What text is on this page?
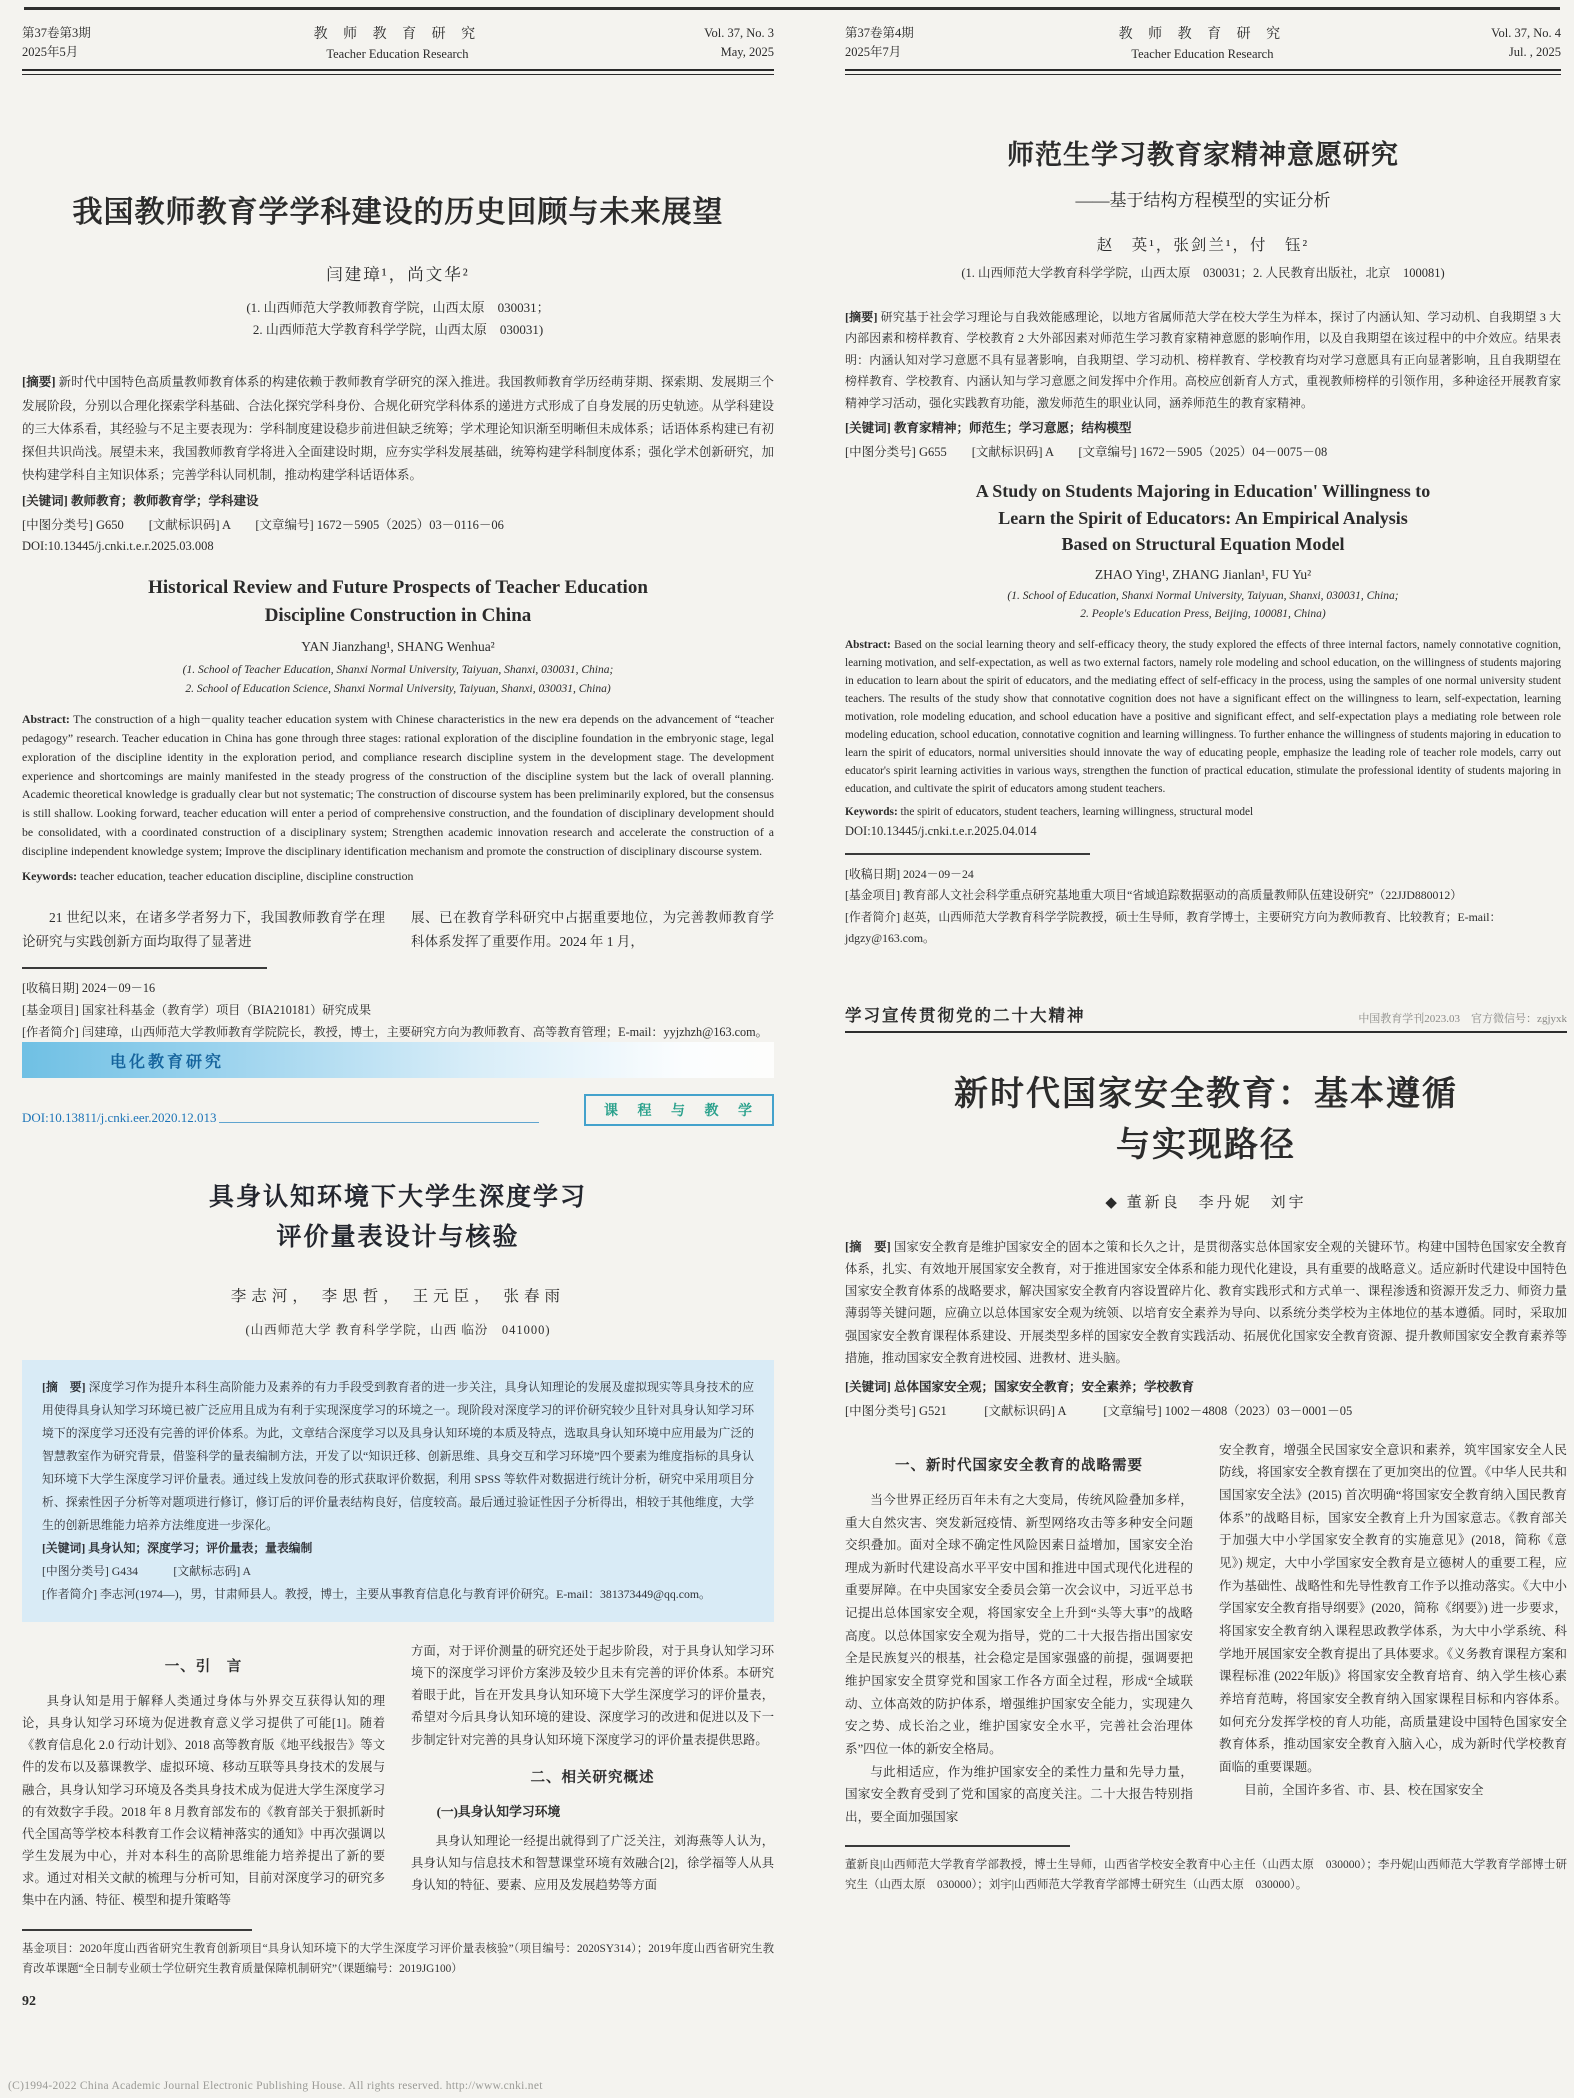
第37卷第3期
2025年5月
教 师 教 育 研 究
Teacher Education Research
Vol. 37, No. 3
May, 2025
我国教师教育学学科建设的历史回顾与未来展望
闫建璋¹，尚文华²
(1. 山西师范大学教师教育学院，山西太原　030031；
2. 山西师范大学教育科学学院，山西太原　030031)
[摘要] 新时代中国特色高质量教师教育体系的构建依赖于教师教育学研究的深入推进。我国教师教育学历经萌芽期、探索期、发展期三个发展阶段，分别以合理化探索学科基础、合法化探究学科身份、合规化研究学科体系的递进方式形成了自身发展的历史轨迹。从学科建设的三大体系看，其经验与不足主要表现为：学科制度建设稳步前进但缺乏统筹；学术理论知识渐至明晰但未成体系；话语体系构建已有初探但共识尚浅。展望未来，我国教师教育学将进入全面建设时期，应夯实学科发展基础，统筹构建学科制度体系；强化学术创新研究，加快构建学科自主知识体系；完善学科认同机制，推动构建学科话语体系。
[关键词] 教师教育；教师教育学；学科建设
[中图分类号] G650　　[文献标识码] A　　[文章编号] 1672－5905（2025）03－0116－06
DOI:10.13445/j.cnki.t.e.r.2025.03.008
Historical Review and Future Prospects of Teacher Education
Discipline Construction in China
YAN Jianzhang¹, SHANG Wenhua²
(1. School of Teacher Education, Shanxi Normal University, Taiyuan, Shanxi, 030031, China;
2. School of Education Science, Shanxi Normal University, Taiyuan, Shanxi, 030031, China)
Abstract: The construction of a high－quality teacher education system with Chinese characteristics in the new era depends on the advancement of “teacher pedagogy” research. Teacher education in China has gone through three stages: rational exploration of the discipline foundation in the embryonic stage, legal exploration of the discipline identity in the exploration period, and compliance research discipline system in the development stage. The development experience and shortcomings are mainly manifested in the steady progress of the construction of the discipline system but the lack of overall planning. Academic theoretical knowledge is gradually clear but not systematic; The construction of discourse system has been preliminarily explored, but the consensus is still shallow. Looking forward, teacher education will enter a period of comprehensive construction, and the foundation of disciplinary development should be consolidated, with a coordinated construction of a disciplinary system; Strengthen academic innovation research and accelerate the construction of a discipline independent knowledge system; Improve the disciplinary identification mechanism and promote the construction of disciplinary discourse system.
Keywords: teacher education, teacher education discipline, discipline construction
21 世纪以来，在诸多学者努力下，我国教师教育学在理论研究与实践创新方面均取得了显著进
展、已在教育学科研究中占据重要地位，为完善教师教育学科体系发挥了重要作用。2024 年 1 月，
[收稿日期] 2024－09－16
[基金项目] 国家社科基金（教育学）项目（BIA210181）研究成果
[作者简介] 闫建璋，山西师范大学教师教育学院院长，教授，博士，主要研究方向为教师教育、高等教育管理；E-mail：yyjzhzh@163.com。
第37卷第4期
2025年7月
教 师 教 育 研 究
Teacher Education Research
Vol. 37, No. 4
Jul. , 2025
师范生学习教育家精神意愿研究
——基于结构方程模型的实证分析
赵　英¹，张剑兰¹，付　钰²
(1. 山西师范大学教育科学学院，山西太原　030031；2. 人民教育出版社，北京　100081)
[摘要] 研究基于社会学习理论与自我效能感理论，以地方省属师范大学在校大学生为样本，探讨了内涵认知、学习动机、自我期望 3 大内部因素和榜样教育、学校教育 2 大外部因素对师范生学习教育家精神意愿的影响作用，以及自我期望在该过程中的中介效应。结果表明：内涵认知对学习意愿不具有显著影响，自我期望、学习动机、榜样教育、学校教育均对学习意愿具有正向显著影响，且自我期望在榜样教育、学校教育、内涵认知与学习意愿之间发挥中介作用。高校应创新育人方式，重视教师榜样的引领作用，多种途径开展教育家精神学习活动，强化实践教育功能，激发师范生的职业认同，涵养师范生的教育家精神。
[关键词] 教育家精神；师范生；学习意愿；结构模型
[中图分类号] G655　　[文献标识码] A　　[文章编号] 1672－5905（2025）04－0075－08
A Study on Students Majoring in Education' Willingness to
Learn the Spirit of Educators: An Empirical Analysis
Based on Structural Equation Model
ZHAO Ying¹, ZHANG Jianlan¹, FU Yu²
(1. School of Education, Shanxi Normal University, Taiyuan, Shanxi, 030031, China;
2. People's Education Press, Beijing, 100081, China)
Abstract: Based on the social learning theory and self-efficacy theory, the study explored the effects of three internal factors, namely connotative cognition, learning motivation, and self-expectation, as well as two external factors, namely role modeling and school education, on the willingness of students majoring in education to learn about the spirit of educators, and the mediating effect of self-efficacy in the process, using the samples of one normal university student teachers. The results of the study show that connotative cognition does not have a significant effect on the willingness to learn, self-expectation, learning motivation, role modeling education, and school education have a positive and significant effect, and self-expectation plays a mediating role between role modeling education, school education, connotative cognition and learning willingness. To further enhance the willingness of students majoring in education to learn the spirit of educators, normal universities should innovate the way of educating people, emphasize the leading role of teacher role models, carry out educator's spirit learning activities in various ways, strengthen the function of practical education, stimulate the professional identity of students majoring in education, and cultivate the spirit of educators among student teachers.
Keywords: the spirit of educators, student teachers, learning willingness, structural model
DOI:10.13445/j.cnki.t.e.r.2025.04.014
[收稿日期] 2024－09－24
[基金项目] 教育部人文社会科学重点研究基地重大项目“省域追踪数据驱动的高质量教师队伍建设研究”（22JJD880012）
[作者简介] 赵英，山西师范大学教育科学学院教授，硕士生导师，教育学博士，主要研究方向为教师教育、比较教育；E-mail：jdgzy@163.com。
电化教育研究
DOI:10.13811/j.cnki.eer.2020.12.013	课 程 与 教 学
具身认知环境下大学生深度学习
评价量表设计与核验
李志河， 李思哲， 王元臣， 张春雨
(山西师范大学 教育科学学院，山西 临汾　041000)
[摘　要] 深度学习作为提升本科生高阶能力及素养的有力手段受到教育者的进一步关注，具身认知理论的发展及虚拟现实等具身技术的应用使得具身认知学习环境已被广泛应用且成为有利于实现深度学习的环境之一。现阶段对深度学习的评价研究较少且针对具身认知学习环境下的深度学习还没有完善的评价体系。为此，文章结合深度学习以及具身认知环境的本质及特点，选取具身认知环境中应用最为广泛的智慧教室作为研究背景，借鉴科学的量表编制方法，开发了以“知识迁移、创新思维、具身交互和学习环境”四个要素为维度指标的具身认知环境下大学生深度学习评价量表。通过线上发放问卷的形式获取评价数据，利用 SPSS 等软件对数据进行统计分析，研究中采用项目分析、探索性因子分析等对题项进行修订，修订后的评价量表结构良好，信度较高。最后通过验证性因子分析得出，相较于其他维度，大学生的创新思维能力培养方法维度进一步深化。
[关键词] 具身认知；深度学习；评价量表；量表编制
[中图分类号] G434　　　[文献标志码] A
[作者简介] 李志河(1974—)，男，甘肃师县人。教授，博士，主要从事教育信息化与教育评价研究。E-mail：381373449@qq.com。
一、引　言
具身认知是用于解释人类通过身体与外界交互获得认知的理论，具身认知学习环境为促进教育意义学习提供了可能[1]。随着《教育信息化 2.0 行动计划》、2018 高等教育版《地平线报告》等文件的发布以及慕课教学、虚拟环境、移动互联等具身技术的发展与融合，具身认知学习环境及各类具身技术成为促进大学生深度学习的有效数字手段。2018 年 8 月教育部发布的《教育部关于狠抓新时代全国高等学校本科教育工作会议精神落实的通知》中再次强调以学生发展为中心，并对本科生的高阶思维能力培养提出了新的要求。通过对相关文献的梳理与分析可知，目前对深度学习的研究多集中在内涵、特征、模型和提升策略等
方面，对于评价测量的研究还处于起步阶段，对于具身认知学习环境下的深度学习评价方案涉及较少且未有完善的评价体系。本研究着眼于此，旨在开发具身认知环境下大学生深度学习的评价量表，希望对今后具身认知环境的建设、深度学习的改进和促进以及下一步制定针对完善的具身认知环境下深度学习的评价量表提供思路。
二、相关研究概述
(一)具身认知学习环境
具身认知理论一经提出就得到了广泛关注，刘海燕等人认为，具身认知与信息技术和智慧课堂环境有效融合[2]，徐学福等人从具身认知的特征、要素、应用及发展趋势等方面
基金项目：2020年度山西省研究生教育创新项目“具身认知环境下的大学生深度学习评价量表核验”（项目编号：2020SY314）；2019年度山西省研究生教育改革课题“全日制专业硕士学位研究生教育质量保障机制研究”（课题编号：2019JG100）
92
学习宣传贯彻党的二十大精神	中国教育学刊2023.03　官方微信号：zgjyxk
新时代国家安全教育：基本遵循
与实现路径
◆ 董新良　李丹妮　刘宇
[摘　要] 国家安全教育是维护国家安全的固本之策和长久之计，是贯彻落实总体国家安全观的关键环节。构建中国特色国家安全教育体系，扎实、有效地开展国家安全教育，对于推进国家安全体系和能力现代化建设，具有重要的战略意义。适应新时代建设中国特色国家安全教育体系的战略要求，解决国家安全教育内容设置碎片化、教育实践形式和方式单一、课程渗透和资源开发乏力、师资力量薄弱等关键问题，应确立以总体国家安全观为统领、以培育安全素养为导向、以系统分类学校为主体地位的基本遵循。同时，采取加强国家安全教育课程体系建设、开展类型多样的国家安全教育实践活动、拓展优化国家安全教育资源、提升教师国家安全教育素养等措施，推动国家安全教育进校园、进教材、进头脑。
[关键词] 总体国家安全观；国家安全教育；安全素养；学校教育
[中图分类号] G521　　　[文献标识码] A　　　[文章编号] 1002－4808（2023）03－0001－05
一、新时代国家安全教育的战略需要
当今世界正经历百年未有之大变局，传统风险叠加多样，重大自然灾害、突发新冠疫情、新型网络攻击等多种安全问题交织叠加。面对全球不确定性风险因素日益增加，国家安全治理成为新时代建设高水平平安中国和推进中国式现代化进程的重要屏障。在中央国家安全委员会第一次会议中，习近平总书记提出总体国家安全观，将国家安全上升到“头等大事”的战略高度。以总体国家安全观为指导，党的二十大报告指出国家安全是民族复兴的根基，社会稳定是国家强盛的前提，强调要把维护国家安全贯穿党和国家工作各方面全过程，形成“全域联动、立体高效的防护体系，增强维护国家安全能力，实现建久安之势、成长治之业，维护国家安全水平，完善社会治理体系”四位一体的新安全格局。
与此相适应，作为维护国家安全的柔性力量和先导力量，国家安全教育受到了党和国家的高度关注。二十大报告特别指出，要全面加强国家
安全教育，增强全民国家安全意识和素养，筑牢国家安全人民防线，将国家安全教育摆在了更加突出的位置。《中华人民共和国国家安全法》(2015) 首次明确“将国家安全教育纳入国民教育体系”的战略目标，国家安全教育上升为国家意志。《教育部关于加强大中小学国家安全教育的实施意见》(2018，简称《意见》) 规定，大中小学国家安全教育是立德树人的重要工程，应作为基础性、战略性和先导性教育工作予以推动落实。《大中小学国家安全教育指导纲要》(2020，简称《纲要》) 进一步要求，将国家安全教育纳入课程思政教学体系，为大中小学系统、科学地开展国家安全教育提出了具体要求。《义务教育课程方案和课程标准 (2022年版)》将国家安全教育培育、纳入学生核心素养培育范畴，将国家安全教育纳入国家课程目标和内容体系。如何充分发挥学校的育人功能，高质量建设中国特色国家安全教育体系，推动国家安全教育入脑入心，成为新时代学校教育面临的重要课题。
目前，全国许多省、市、县、校在国家安全
董新良|山西师范大学教育学部教授，博士生导师，山西省学校安全教育中心主任（山西太原　030000）；李丹妮|山西师范大学教育学部博士研究生（山西太原　030000）；刘宇|山西师范大学教育学部博士研究生（山西太原　030000）。
(C)1994-2022 China Academic Journal Electronic Publishing House. All rights reserved. http://www.cnki.net
